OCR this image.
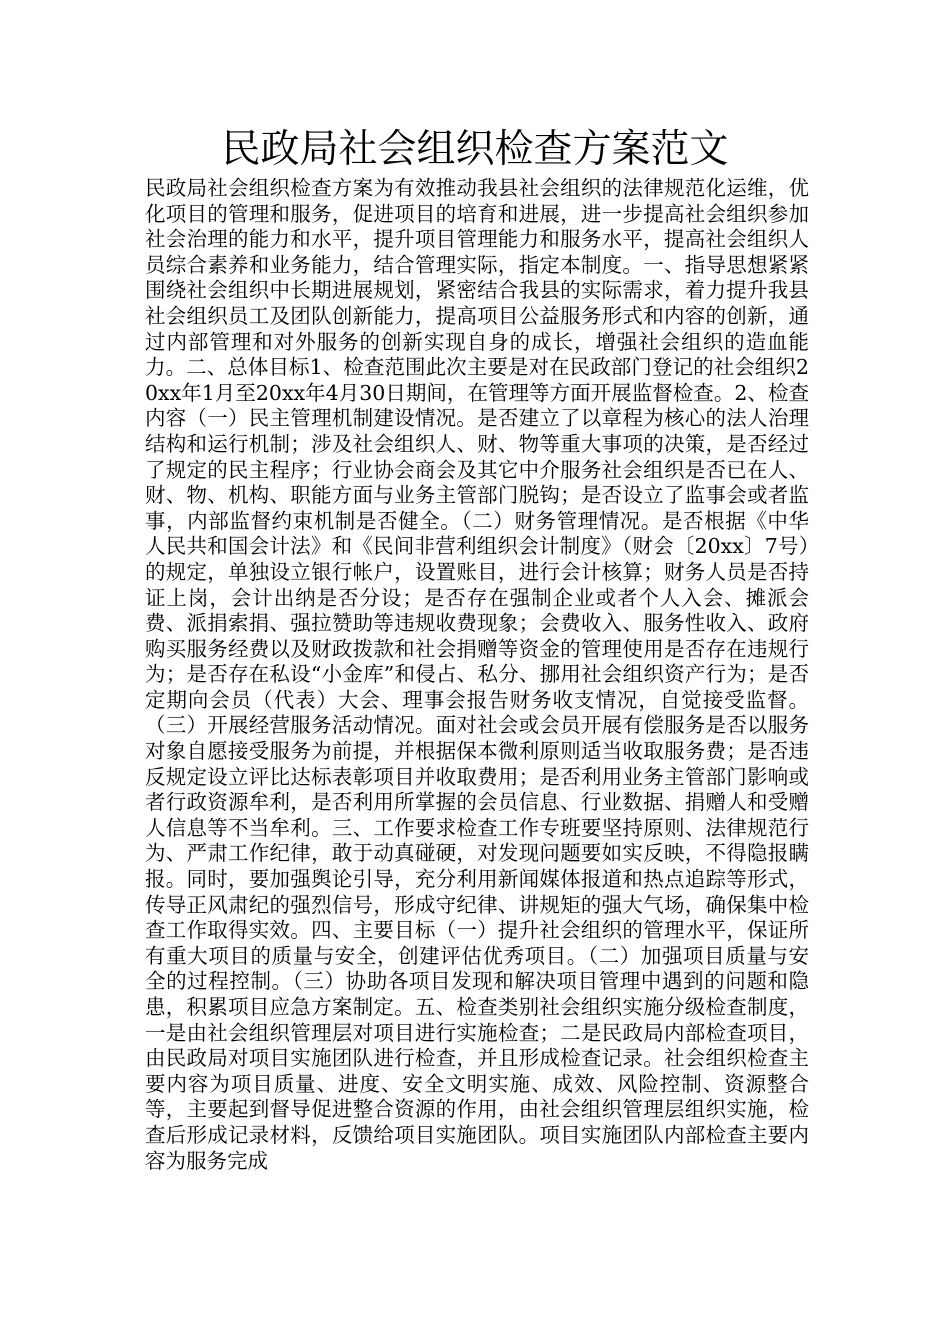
民政局社会组织检查方案范文

民政局社会组织检查方案为有效推动我县社会组织的法律规范化运维，优化项目的管理和服务，促进项目的培育和进展，进一步提高社会组织参加社会治理的能力和水平，提升项目管理能力和服务水平，提高社会组织人员综合素养和业务能力，结合管理实际，指定本制度。一、指导思想紧紧围绕社会组织中长期进展规划，紧密结合我县的实际需求，着力提升我县社会组织员工及团队创新能力，提高项目公益服务形式和内容的创新，通过内部管理和对外服务的创新实现自身的成长，增强社会组织的造血能力。二、总体目标1、检查范围此次主要是对在民政部门登记的社会组织20xx年1月至20xx年4月30日期间，在管理等方面开展监督检查。2、检查内容（一）民主管理机制建设情况。是否建立了以章程为核心的法人治理结构和运行机制；涉及社会组织人、财、物等重大事项的决策，是否经过了规定的民主程序；行业协会商会及其它中介服务社会组织是否已在人、财、物、机构、职能方面与业务主管部门脱钩；是否设立了监事会或者监事，内部监督约束机制是否健全。（二）财务管理情况。是否根据《中华人民共和国会计法》和《民间非营利组织会计制度》（财会〔20xx〕7号）的规定，单独设立银行帐户，设置账目，进行会计核算；财务人员是否持证上岗，会计出纳是否分设；是否存在强制企业或者个人入会、摊派会费、派捐索捐、强拉赞助等违规收费现象；会费收入、服务性收入、政府购买服务经费以及财政拨款和社会捐赠等资金的管理使用是否存在违规行为；是否存在私设“小金库”和侵占、私分、挪用社会组织资产行为；是否定期向会员（代表）大会、理事会报告财务收支情况，自觉接受监督。（三）开展经营服务活动情况。面对社会或会员开展有偿服务是否以服务对象自愿接受服务为前提，并根据保本微利原则适当收取服务费；是否违反规定设立评比达标表彰项目并收取费用；是否利用业务主管部门影响或者行政资源牟利，是否利用所掌握的会员信息、行业数据、捐赠人和受赠人信息等不当牟利。三、工作要求检查工作专班要坚持原则、法律规范行为、严肃工作纪律，敢于动真碰硬，对发现问题要如实反映，不得隐报瞒报。同时，要加强舆论引导，充分利用新闻媒体报道和热点追踪等形式，传导正风肃纪的强烈信号，形成守纪律、讲规矩的强大气场，确保集中检查工作取得实效。四、主要目标（一）提升社会组织的管理水平，保证所有重大项目的质量与安全，创建评估优秀项目。（二）加强项目质量与安全的过程控制。（三）协助各项目发现和解决项目管理中遇到的问题和隐患，积累项目应急方案制定。五、检查类别社会组织实施分级检查制度，一是由社会组织管理层对项目进行实施检查；二是民政局内部检查项目，由民政局对项目实施团队进行检查，并且形成检查记录。社会组织检查主要内容为项目质量、进度、安全文明实施、成效、风险控制、资源整合等，主要起到督导促进整合资源的作用，由社会组织管理层组织实施，检查后形成记录材料，反馈给项目实施团队。项目实施团队内部检查主要内容为服务完成
